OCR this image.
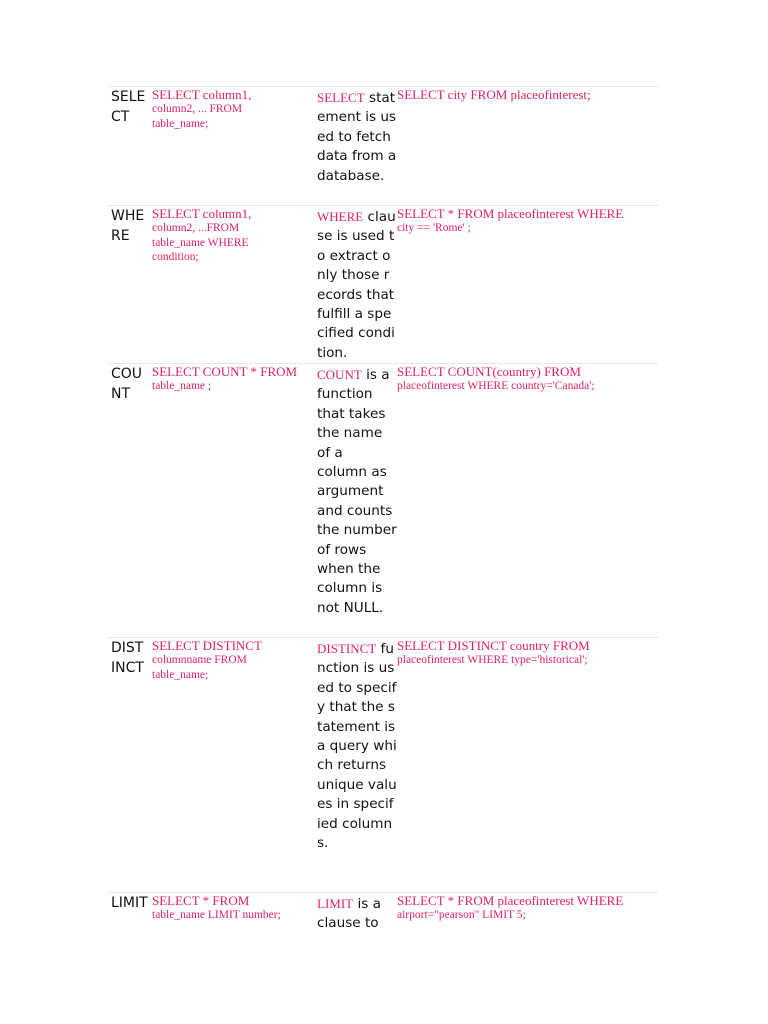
SELECT
SELECT column1,
column2, ... FROM
table_name;
SELECT statement is used to fetch data from a database.
SELECT city FROM placeofinterest;
WHERE
SELECT column1,
column2, ...FROM
table_name WHERE
condition;
WHERE clause is used to extract only those records that fulfill a specified condition.
SELECT * FROM placeofinterest WHERE
city == 'Rome' ;
COUNT
SELECT COUNT * FROM
table_name ;
COUNT is a function that takes the name of a column as argument and counts the number of rows when the column is not NULL.
SELECT COUNT(country) FROM
placeofinterest WHERE country='Canada';
DISTINCT
SELECT DISTINCT
columnname FROM
table_name;
DISTINCT function is used to specify that the statement is a query which returns unique values in specified columns.
SELECT DISTINCT country FROM
placeofinterest WHERE type='historical';
LIMIT SELECT * FROM
table_name LIMIT number;
LIMIT is a clause to
SELECT * FROM placeofinterest WHERE
airport="pearson" LIMIT 5;
